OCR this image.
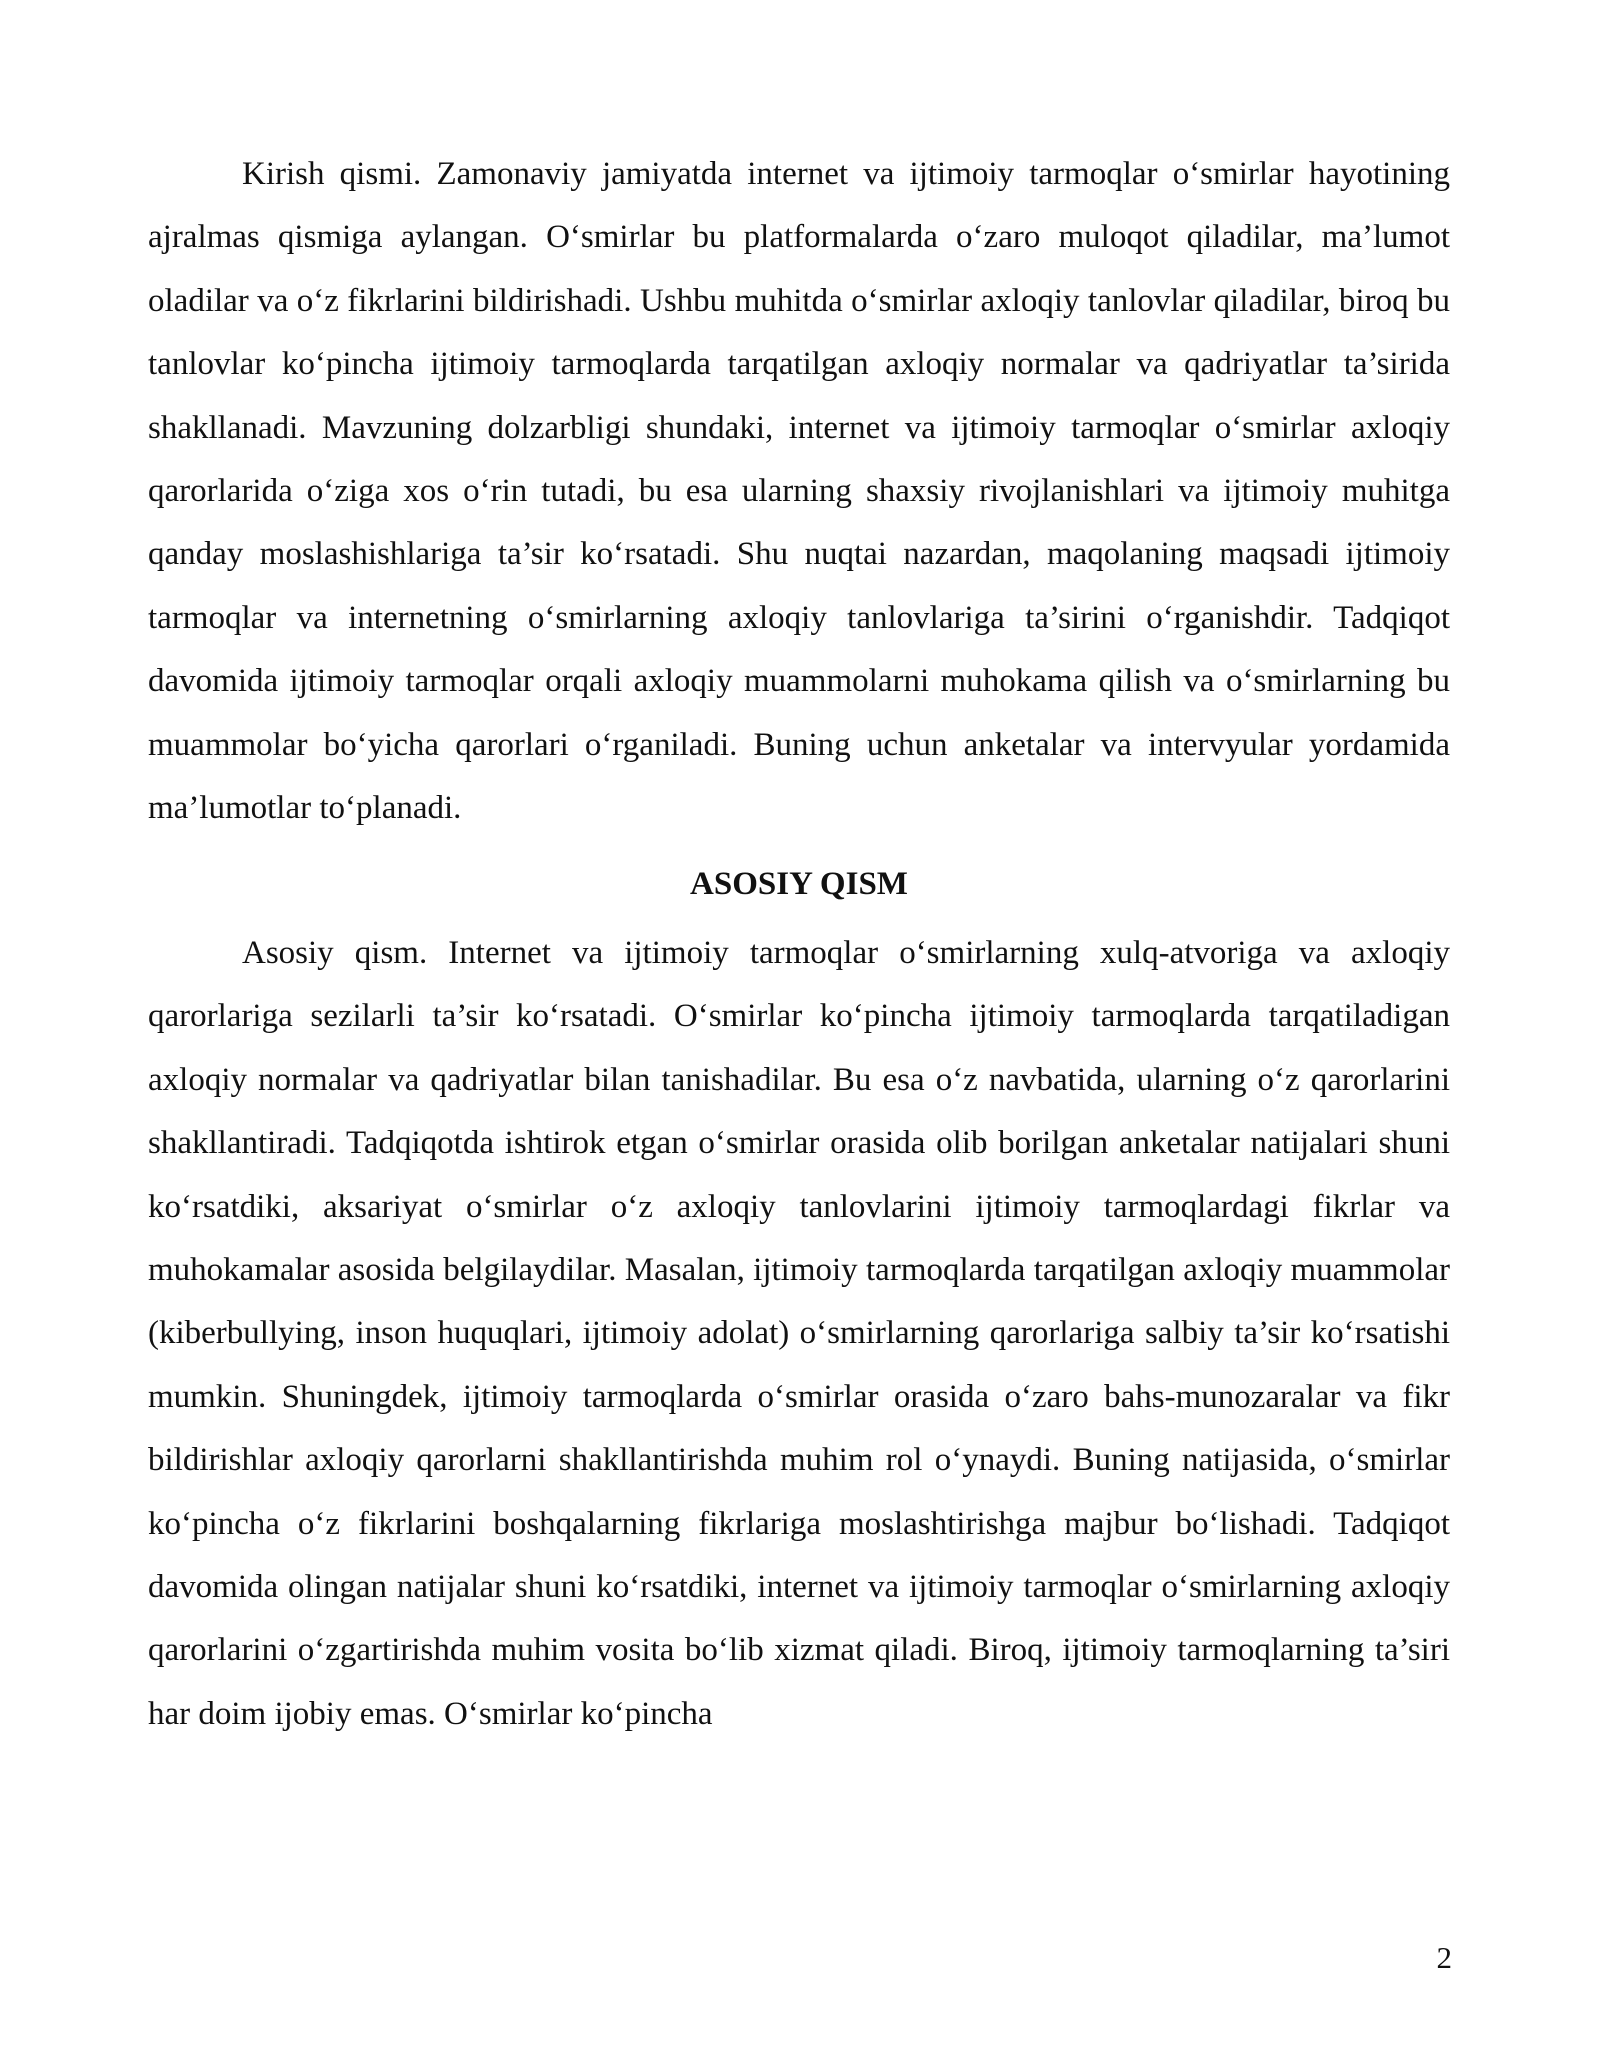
Kirish qismi. Zamonaviy jamiyatda internet va ijtimoiy tarmoqlar o‘smirlar hayotining ajralmas qismiga aylangan. O‘smirlar bu platformalarda o‘zaro muloqot qiladilar, ma’lumot oladilar va o‘z fikrlarini bildirishadi. Ushbu muhitda o‘smirlar axloqiy tanlovlar qiladilar, biroq bu tanlovlar ko‘pincha ijtimoiy tarmoqlarda tarqatilgan axloqiy normalar va qadriyatlar ta’sirida shakllanadi. Mavzuning dolzarbligi shundaki, internet va ijtimoiy tarmoqlar o‘smirlar axloqiy qarorlarida o‘ziga xos o‘rin tutadi, bu esa ularning shaxsiy rivojlanishlari va ijtimoiy muhitga qanday moslashishlariga ta’sir ko‘rsatadi. Shu nuqtai nazardan, maqolaning maqsadi ijtimoiy tarmoqlar va internetning o‘smirlarning axloqiy tanlovlariga ta’sirini o‘rganishdir. Tadqiqot davomida ijtimoiy tarmoqlar orqali axloqiy muammolarni muhokama qilish va o‘smirlarning bu muammolar bo‘yicha qarorlari o‘rganiladi. Buning uchun anketalar va intervyular yordamida ma’lumotlar to‘planadi.

ASOSIY QISM

Asosiy qism. Internet va ijtimoiy tarmoqlar o‘smirlarning xulq-atvoriga va axloqiy qarorlariga sezilarli ta’sir ko‘rsatadi. O‘smirlar ko‘pincha ijtimoiy tarmoqlarda tarqatiladigan axloqiy normalar va qadriyatlar bilan tanishadilar. Bu esa o‘z navbatida, ularning o‘z qarorlarini shakllantiradi. Tadqiqotda ishtirok etgan o‘smirlar orasida olib borilgan anketalar natijalari shuni ko‘rsatdiki, aksariyat o‘smirlar o‘z axloqiy tanlovlarini ijtimoiy tarmoqlardagi fikrlar va muhokamalar asosida belgilaydilar. Masalan, ijtimoiy tarmoqlarda tarqatilgan axloqiy muammolar (kiberbullying, inson huquqlari, ijtimoiy adolat) o‘smirlarning qarorlariga salbiy ta’sir ko‘rsatishi mumkin. Shuningdek, ijtimoiy tarmoqlarda o‘smirlar orasida o‘zaro bahs-munozaralar va fikr bildirishlar axloqiy qarorlarni shakllantirishda muhim rol o‘ynaydi. Buning natijasida, o‘smirlar ko‘pincha o‘z fikrlarini boshqalarning fikrlariga moslashtirishga majbur bo‘lishadi. Tadqiqot davomida olingan natijalar shuni ko‘rsatdiki, internet va ijtimoiy tarmoqlar o‘smirlarning axloqiy qarorlarini o‘zgartirishda muhim vosita bo‘lib xizmat qiladi. Biroq, ijtimoiy tarmoqlarning ta’siri har doim ijobiy emas. O‘smirlar ko‘pincha

2
